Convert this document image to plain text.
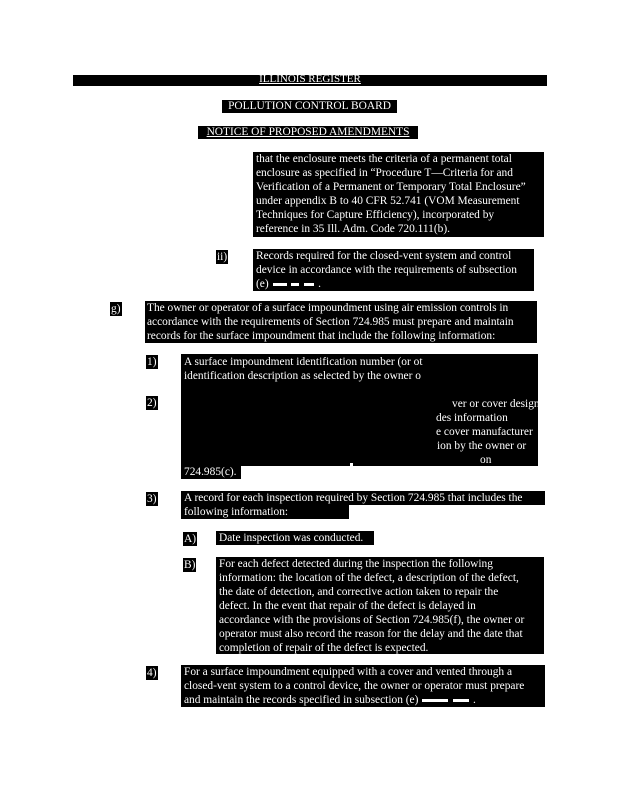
ILLINOIS REGISTER
POLLUTION CONTROL BOARD
NOTICE OF PROPOSED AMENDMENTS
that the enclosure meets the criteria of a permanent total
enclosure as specified in “Procedure T—Criteria for and
Verification of a Permanent or Temporary Total Enclosure”
under appendix B to 40 CFR 52.741 (VOM Measurement
Techniques for Capture Efficiency), incorporated by
reference in 35 Ill. Adm. Code 720.111(b).
ii)	Records required for the closed-vent system and control
device in accordance with the requirements of subsection
(e)	.
g) The owner or operator of a surface impoundment using air emission controls in
accordance with the requirements of Section 724.985 must prepare and maintain
records for the surface impoundment that include the following information:
1) A surface impoundment identification number (or ot
identification description as selected by the owner o
2)	ver or cover design,
des information
e cover manufacturer
ion by the owner or
on
724.985(c).
3) A record for each inspection required by Section 724.985 that includes the
following information:
A) Date inspection was conducted.
B) For each defect detected during the inspection the following
information: the location of the defect, a description of the defect,
the date of detection, and corrective action taken to repair the
defect. In the event that repair of the defect is delayed in
accordance with the provisions of Section 724.985(f), the owner or
operator must also record the reason for the delay and the date that
completion of repair of the defect is expected.
4) For a surface impoundment equipped with a cover and vented through a
closed-vent system to a control device, the owner or operator must prepare
and maintain the records specified in subsection (e)	.
